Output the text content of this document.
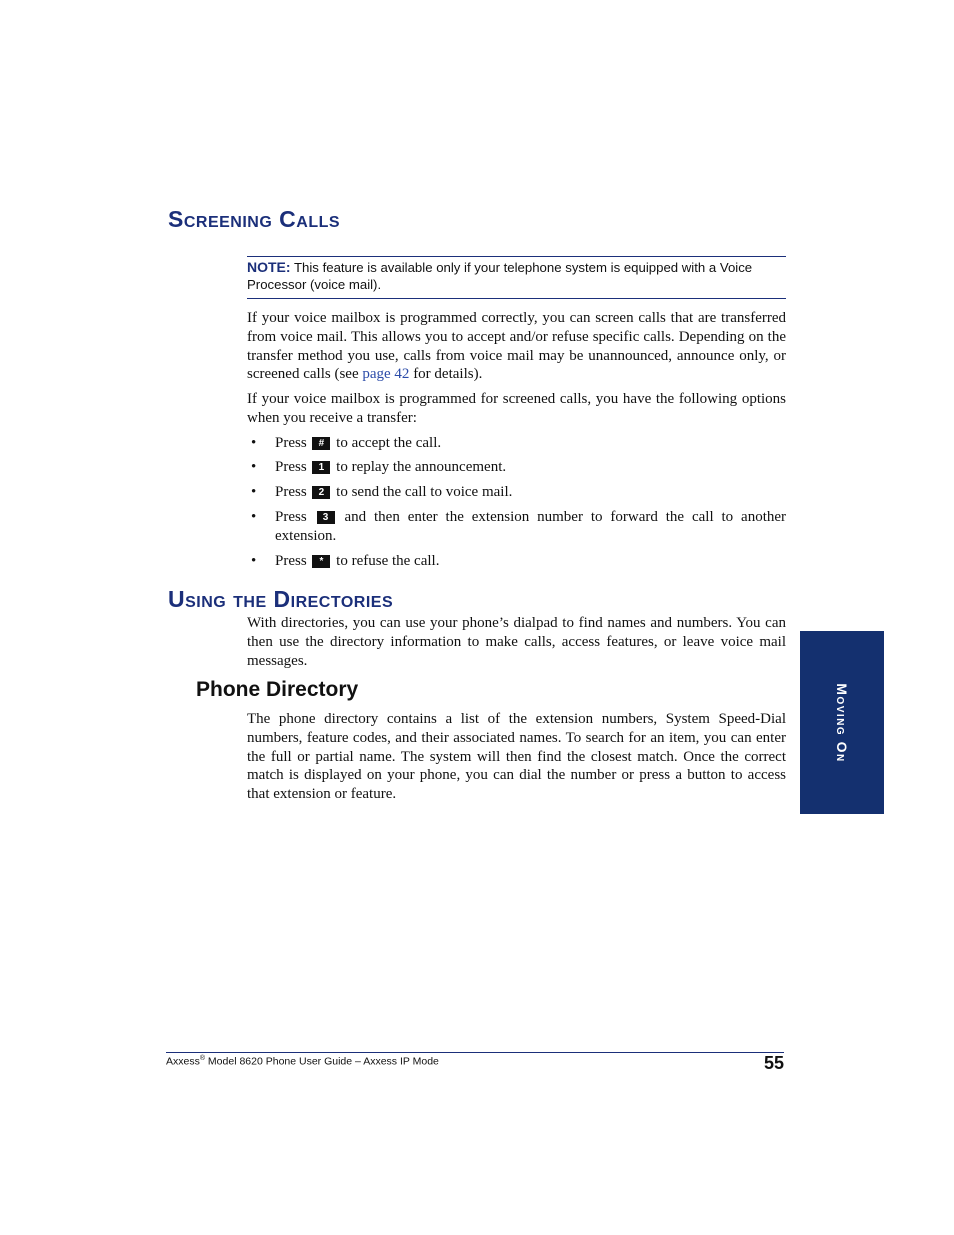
Screening Calls
NOTE: This feature is available only if your telephone system is equipped with a Voice Processor (voice mail).

If your voice mailbox is programmed correctly, you can screen calls that are transferred from voice mail. This allows you to accept and/or refuse specific calls. Depending on the transfer method you use, calls from voice mail may be unannounced, announce only, or screened calls (see page 42 for details).

If your voice mailbox is programmed for screened calls, you have the following options when you receive a transfer:

• Press # to accept the call.
• Press 1 to replay the announcement.
• Press 2 to send the call to voice mail.
• Press 3 and then enter the extension number to forward the call to another extension.
• Press * to refuse the call.
Using the Directories

With directories, you can use your phone’s dialpad to find names and numbers. You can then use the directory information to make calls, access features, or leave voice mail messages.

Phone Directory

The phone directory contains a list of the extension numbers, System Speed-Dial numbers, feature codes, and their associated names. To search for an item, you can enter the full or partial name. The system will then find the closest match. Once the correct match is displayed on your phone, you can dial the number or press a button to access that extension or feature.

Moving On
Axxess® Model 8620 Phone User Guide – Axxess IP Mode	55
